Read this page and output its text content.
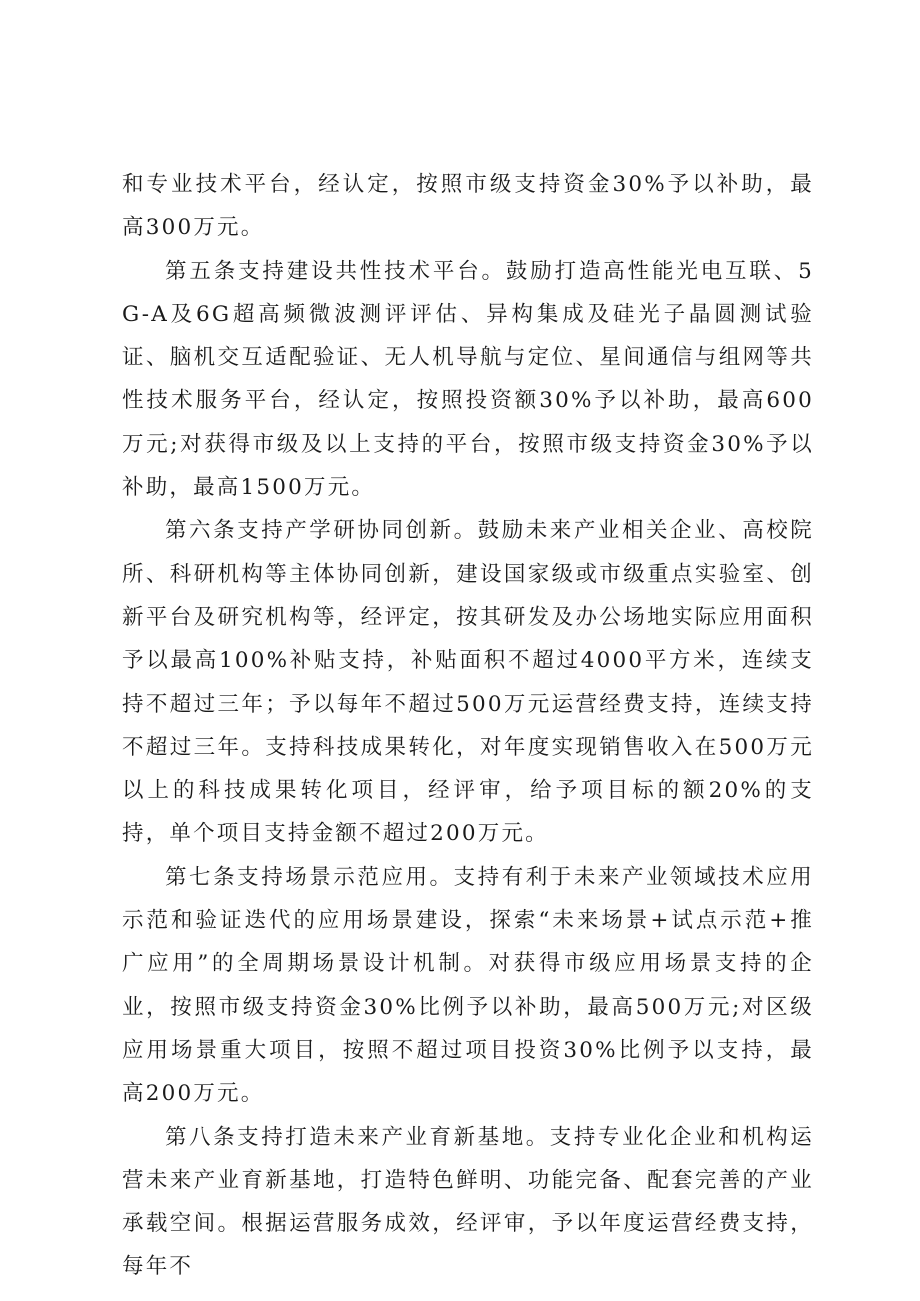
和专业技术平台，经认定，按照市级支持资金30%予以补助，最高300万元。

第五条支持建设共性技术平台。鼓励打造高性能光电互联、5G-A及6G超高频微波测评评估、异构集成及硅光子晶圆测试验证、脑机交互适配验证、无人机导航与定位、星间通信与组网等共性技术服务平台，经认定，按照投资额30%予以补助，最高600万元;对获得市级及以上支持的平台，按照市级支持资金30%予以补助，最高1500万元。

第六条支持产学研协同创新。鼓励未来产业相关企业、高校院所、科研机构等主体协同创新，建设国家级或市级重点实验室、创新平台及研究机构等，经评定，按其研发及办公场地实际应用面积予以最高100%补贴支持，补贴面积不超过4000平方米，连续支持不超过三年；予以每年不超过500万元运营经费支持，连续支持不超过三年。支持科技成果转化，对年度实现销售收入在500万元以上的科技成果转化项目，经评审，给予项目标的额20%的支持，单个项目支持金额不超过200万元。

第七条支持场景示范应用。支持有利于未来产业领域技术应用示范和验证迭代的应用场景建设，探索“未来场景+试点示范+推广应用”的全周期场景设计机制。对获得市级应用场景支持的企业，按照市级支持资金30%比例予以补助，最高500万元;对区级应用场景重大项目，按照不超过项目投资30%比例予以支持，最高200万元。

第八条支持打造未来产业育新基地。支持专业化企业和机构运营未来产业育新基地，打造特色鲜明、功能完备、配套完善的产业承载空间。根据运营服务成效，经评审，予以年度运营经费支持，每年不
